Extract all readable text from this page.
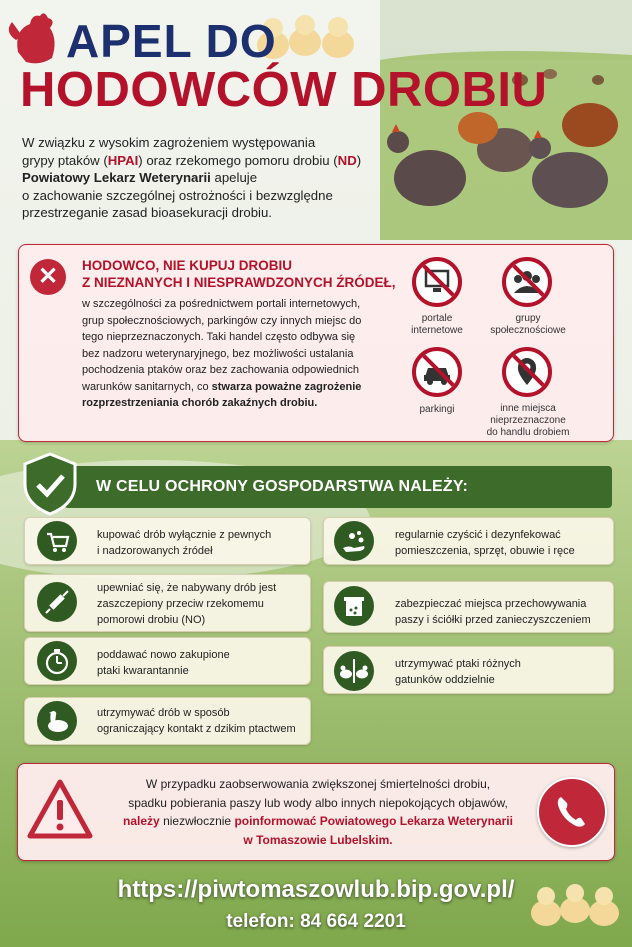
APEL DO
HODOWCÓW DROBIU
W związku z wysokim zagrożeniem występowania
grypy ptaków (HPAI) oraz rzekomego pomoru drobiu (ND)
Powiatowy Lekarz Weterynarii apeluje
o zachowanie szczególnej ostrożności i bezwzględne
przestrzeganie zasad bioasekuracji drobiu.
✕	HODOWCO, NIE KUPUJ DROBIU
Z NIEZNANYCH I NIESPRAWDZONYCH ŹRÓDEŁ,
w szczególności za pośrednictwem portali internetowych, grup społecznościowych, parkingów czy innych miejsc do tego nieprzeznaczonych. Taki handel często odbywa się bez nadzoru weterynaryjnego, bez możliwości ustalania pochodzenia ptaków oraz bez zachowania odpowiednich warunków sanitarnych, co stwarza poważne zagrożenie rozprzestrzeniania chorób zakaźnych drobiu.
portale
internetowe
grupy
społecznościowe
parkingi	inne miejsca
nieprzeznaczone
do handlu drobiem
W CELU OCHRONY GOSPODARSTWA NALEŻY:
kupować drób wyłącznie z pewnych
i nadzorowanych źródeł
upewniać się, że nabywany drób jest
zaszczepiony przeciw rzekomemu
pomorowi drobiu (NO)
poddawać nowo zakupione
ptaki kwarantannie
utrzymywać drób w sposób
ograniczający kontakt z dzikim ptactwem
regularnie czyścić i dezynfekować
pomieszczenia, sprzęt, obuwie i ręce
zabezpieczać miejsca przechowywania
paszy i ściółki przed zanieczyszczeniem
utrzymywać ptaki różnych
gatunków oddzielnie
W przypadku zaobserwowania zwiększonej śmiertelności drobiu,
spadku pobierania paszy lub wody albo innych niepokojących objawów,
należy niezwłocznie poinformować Powiatowego Lekarza Weterynarii
w Tomaszowie Lubelskim.
https://piwtomaszowlub.bip.gov.pl/
telefon: 84 664 2201
